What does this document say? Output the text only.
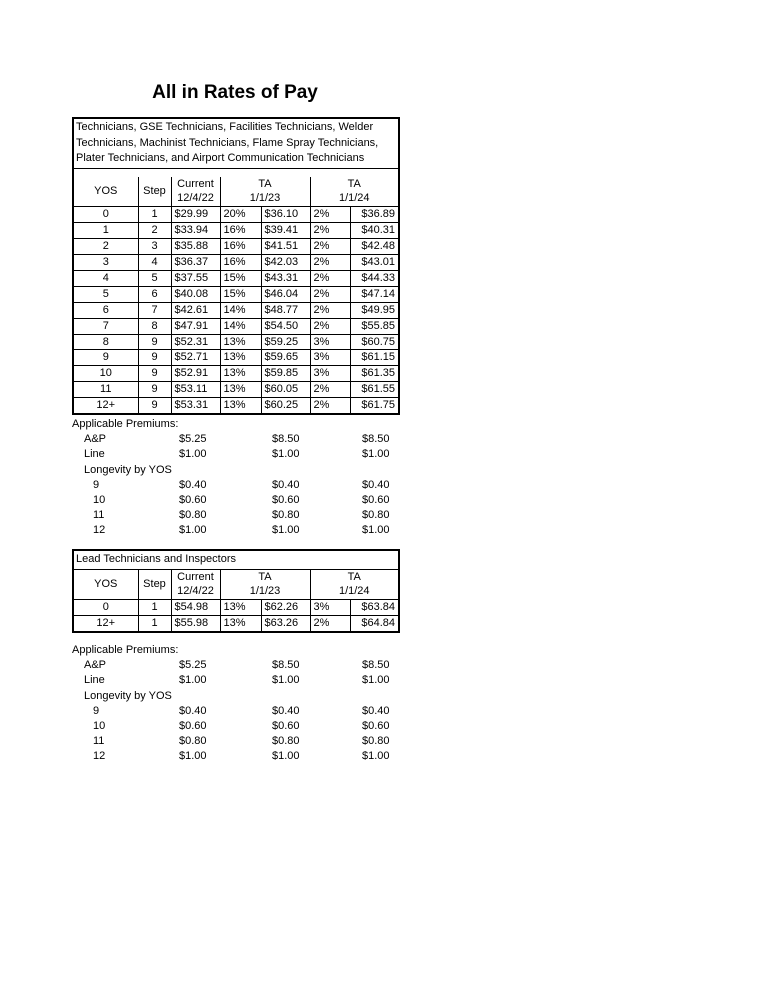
All in Rates of Pay
Technicians, GSE Technicians, Facilities Technicians, Welder Technicians, Machinist Technicians, Flame Spray Technicians, Plater Technicians, and Airport Communication Technicians						

YOS	Step	Current	TA		TA	
		12/4/22	1/1/23		1/1/24	
0	1	$29.99	20%	$36.10	2%	$36.89
1	2	$33.94	16%	$39.41	2%	$40.31
2	3	$35.88	16%	$41.51	2%	$42.48
3	4	$36.37	16%	$42.03	2%	$43.01
4	5	$37.55	15%	$43.31	2%	$44.33
5	6	$40.08	15%	$46.04	2%	$47.14
6	7	$42.61	14%	$48.77	2%	$49.95
7	8	$47.91	14%	$54.50	2%	$55.85
8	9	$52.31	13%	$59.25	3%	$60.75
9	9	$52.71	13%	$59.65	3%	$61.15
10	9	$52.91	13%	$59.85	3%	$61.35
11	9	$53.11	13%	$60.05	2%	$61.55
12+	9	$53.31	13%	$60.25	2%	$61.75
Applicable Premiums:			
A&P	$5.25	$8.50	$8.50
Line	$1.00	$1.00	$1.00
Longevity by YOS			
9	$0.40	$0.40	$0.40
10	$0.60	$0.60	$0.60
11	$0.80	$0.80	$0.80
12	$1.00	$1.00	$1.00
Lead Technicians and Inspectors						
YOS	Step	Current	TA		TA	
		12/4/22	1/1/23		1/1/24	
0	1	$54.98	13%	$62.26	3%	$63.84
12+	1	$55.98	13%	$63.26	2%	$64.84
Applicable Premiums:			
A&P	$5.25	$8.50	$8.50
Line	$1.00	$1.00	$1.00
Longevity by YOS			
9	$0.40	$0.40	$0.40
10	$0.60	$0.60	$0.60
11	$0.80	$0.80	$0.80
12	$1.00	$1.00	$1.00
